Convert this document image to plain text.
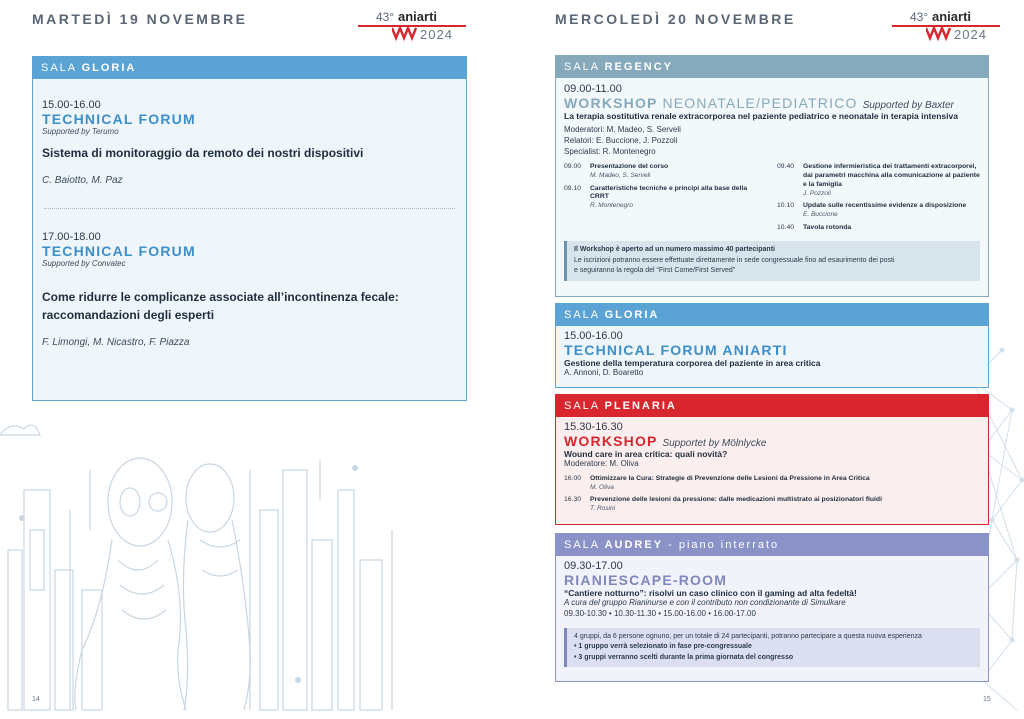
MARTEDÌ 19 NOVEMBRE	43° aniarti
2024
SALA GLORIA
15.00-16.00
TECHNICAL FORUM
Supported by Terumo
Sistema di monitoraggio da remoto dei nostri dispositivi
C. Baiotto, M. Paz
17.00-18.00
TECHNICAL FORUM
Supported by Convatec
Come ridurre le complicanze associate all’incontinenza fecale: raccomandazioni degli esperti
F. Limongi, M. Nicastro, F. Piazza
14
MERCOLEDÌ 20 NOVEMBRE	43° aniarti
2024
SALA REGENCY
09.00-11.00
WORKSHOP NEONATALE/PEDIATRICO Supported by Baxter
La terapia sostitutiva renale extracorporea nel paziente pediatrico e neonatale in terapia intensiva
Moderatori: M. Madeo, S. Serveli
Relatori: E. Buccione, J. Pozzoli
Specialist: R. Montenegro
09.00	Presentazione del corso
M. Madeo, S. Serveli
09.10	Caratteristiche tecniche e principi alla base della CRRT
R. Montenegro
09.40	Gestione infermieristica dei trattamenti extracorporei, dai parametri macchina alla comunicazione al paziente e la famiglia
J. Pozzoli
10.10	Update sulle recentissime evidenze a disposizione
E. Buccione
10.40	Tavola rotonda
Il Workshop è aperto ad un numero massimo 40 partecipanti
Le iscrizioni potranno essere effettuate direttamente in sede congressuale fino ad esaurimento dei posti
e seguiranno la regola del “First Come/First Served”
SALA GLORIA
15.00-16.00
TECHNICAL FORUM ANIARTI
Gestione della temperatura corporea del paziente in area critica
A. Annoni, D. Boaretto
SALA PLENARIA
15.30-16.30
WORKSHOP Supportet by Mölnlycke
Wound care in area critica: quali novità?
Moderatore: M. Oliva
16.00	Ottimizzare la Cura: Strategie di Prevenzione delle Lesioni da Pressione in Area Critica
M. Oliva
16.30	Prevenzione delle lesioni da pressione: dalle medicazioni multistrato ai posizionatori fluidi
T. Rosini
SALA AUDREY - piano interrato
09.30-17.00
RIANIESCAPE-ROOM
“Cantiere notturno”: risolvi un caso clinico con il gaming ad alta fedeltà!
A cura del gruppo Rianinurse e con il contributo non condizionante di Simulkare
09.30-10.30 • 10.30-11.30 • 15.00-16.00 • 16.00-17.00
4 gruppi, da 6 persone ognuno, per un totale di 24 partecipanti, potranno partecipare a questa nuova esperienza
• 1 gruppo verrà selezionato in fase pre-congressuale
• 3 gruppi verranno scelti durante la prima giornata del congresso
15
